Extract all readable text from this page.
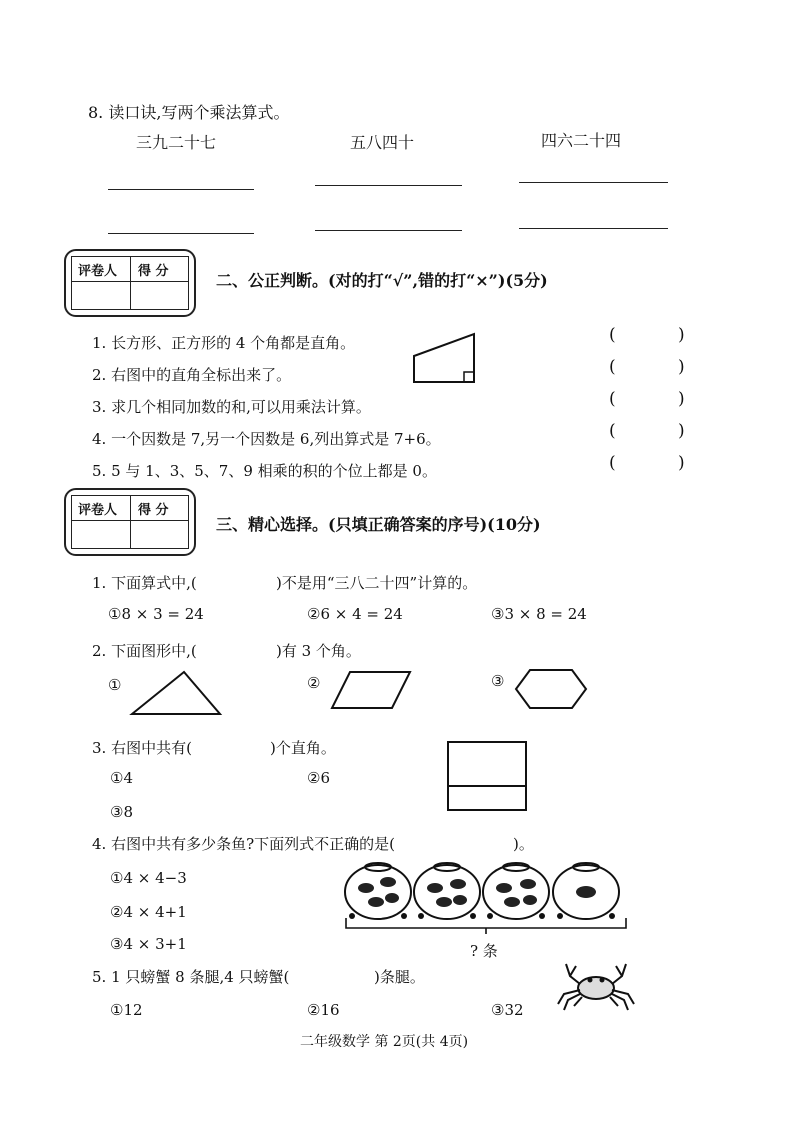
8. 读口诀,写两个乘法算式。
三九二十七	五八四十	四六二十四
评卷人 得 分	二、公正判断。(对的打“√”,错的打“×”)(5分)
1. 长方形、正方形的 4 个角都是直角。
2. 右图中的直角全标出来了。
3. 求几个相同加数的和,可以用乘法计算。
4. 一个因数是 7,另一个因数是 6,列出算式是 7+6。
5. 5 与 1、3、5、7、9 相乘的积的个位上都是 0。
(	)
(	)
(	)
(	)
(	)
评卷人 得 分
三、精心选择。(只填正确答案的序号)(10分)
1. 下面算式中,(	)不是用“三八二十四”计算的。
①8 × 3 = 24	②6 × 4 = 24	③3 × 8 = 24
2. 下面图形中,(	)有 3 个角。
①	②	③
3. 右图中共有(	)个直角。
①4	②6
③8
4. 右图中共有多少条鱼?下面列式不正确的是(	)。
①4 × 4−3
②4 × 4+1
③4 × 3+1	? 条
5. 1 只螃蟹 8 条腿,4 只螃蟹(	)条腿。
①12	②16	③32
二年级数学 第 2页(共 4页)
